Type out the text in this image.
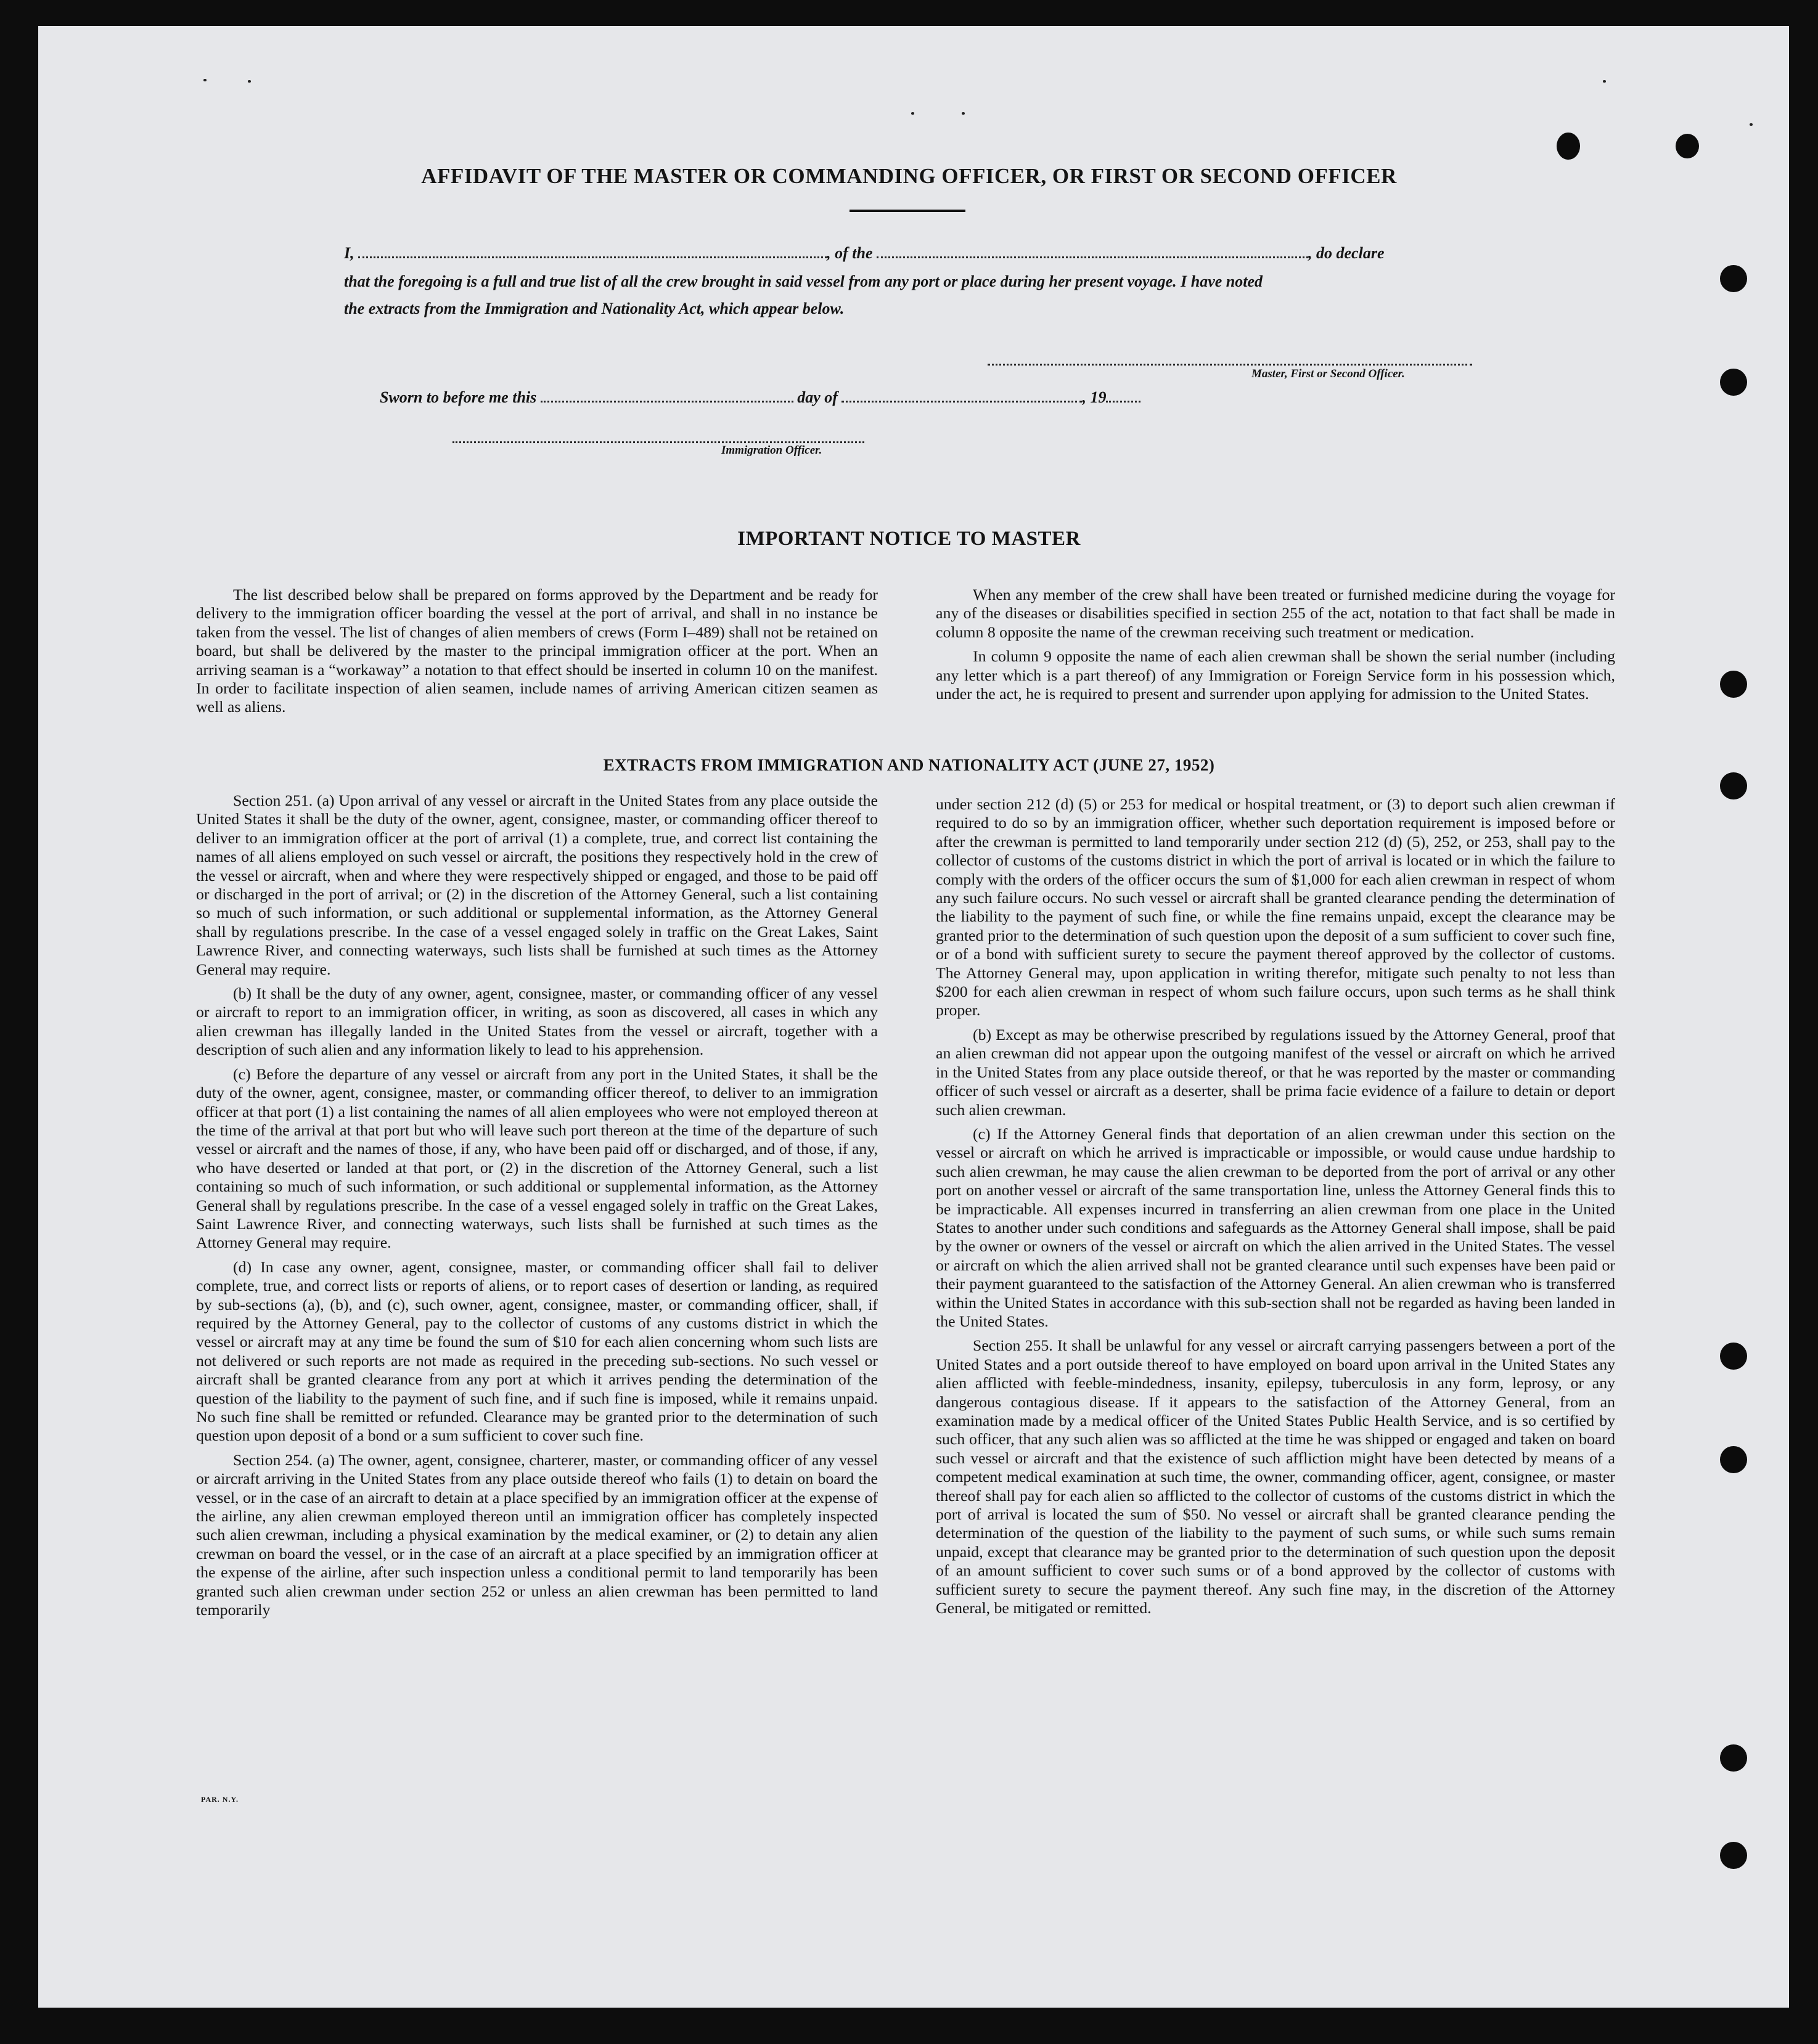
AFFIDAVIT OF THE MASTER OR COMMANDING OFFICER, OR FIRST OR SECOND OFFICER
I,	, of the	, do declare
that the foregoing is a full and true list of all the crew brought in said vessel from any port or place during her present voyage. I have noted
the extracts from the Immigration and Nationality Act, which appear below.
Master, First or Second Officer.
Sworn to before me this	day of	, 19
Immigration Officer.
IMPORTANT NOTICE TO MASTER

The list described below shall be prepared on forms approved by the Department and be ready for delivery to the immigration officer boarding the vessel at the port of arrival, and shall in no instance be taken from the vessel. The list of changes of alien members of crews (Form I–489) shall not be retained on board, but shall be delivered by the master to the principal immigration officer at the port. When an arriving seaman is a “workaway” a notation to that effect should be inserted in column 10 on the manifest. In order to facilitate inspection of alien seamen, include names of arriving American citizen seamen as well as aliens.

When any member of the crew shall have been treated or furnished medicine during the voyage for any of the diseases or disabilities specified in section 255 of the act, notation to that fact shall be made in column 8 opposite the name of the crewman receiving such treatment or medication.

In column 9 opposite the name of each alien crewman shall be shown the serial number (including any letter which is a part thereof) of any Immigration or Foreign Service form in his possession which, under the act, he is required to present and surrender upon applying for admission to the United States.

EXTRACTS FROM IMMIGRATION AND NATIONALITY ACT (JUNE 27, 1952)

Section 251. (a) Upon arrival of any vessel or aircraft in the United States from any place outside the United States it shall be the duty of the owner, agent, consignee, master, or commanding officer thereof to deliver to an immigration officer at the port of arrival (1) a complete, true, and correct list containing the names of all aliens employed on such vessel or aircraft, the positions they respectively hold in the crew of the vessel or aircraft, when and where they were respectively shipped or engaged, and those to be paid off or discharged in the port of arrival; or (2) in the discretion of the Attorney General, such a list containing so much of such information, or such additional or supplemental information, as the Attorney General shall by regulations prescribe. In the case of a vessel engaged solely in traffic on the Great Lakes, Saint Lawrence River, and connecting waterways, such lists shall be furnished at such times as the Attorney General may require.

(b) It shall be the duty of any owner, agent, consignee, master, or commanding officer of any vessel or aircraft to report to an immigration officer, in writing, as soon as discovered, all cases in which any alien crewman has illegally landed in the United States from the vessel or aircraft, together with a description of such alien and any information likely to lead to his apprehension.

(c) Before the departure of any vessel or aircraft from any port in the United States, it shall be the duty of the owner, agent, consignee, master, or commanding officer thereof, to deliver to an immigration officer at that port (1) a list containing the names of all alien employees who were not employed thereon at the time of the arrival at that port but who will leave such port thereon at the time of the departure of such vessel or aircraft and the names of those, if any, who have been paid off or discharged, and of those, if any, who have deserted or landed at that port, or (2) in the discretion of the Attorney General, such a list containing so much of such information, or such additional or supplemental information, as the Attorney General shall by regulations prescribe. In the case of a vessel engaged solely in traffic on the Great Lakes, Saint Lawrence River, and connecting waterways, such lists shall be furnished at such times as the Attorney General may require.

(d) In case any owner, agent, consignee, master, or commanding officer shall fail to deliver complete, true, and correct lists or reports of aliens, or to report cases of desertion or landing, as required by sub-sections (a), (b), and (c), such owner, agent, consignee, master, or commanding officer, shall, if required by the Attorney General, pay to the collector of customs of any customs district in which the vessel or aircraft may at any time be found the sum of $10 for each alien concerning whom such lists are not delivered or such reports are not made as required in the preceding sub-sections. No such vessel or aircraft shall be granted clearance from any port at which it arrives pending the determination of the question of the liability to the payment of such fine, and if such fine is imposed, while it remains unpaid. No such fine shall be remitted or refunded. Clearance may be granted prior to the determination of such question upon deposit of a bond or a sum sufficient to cover such fine.

Section 254. (a) The owner, agent, consignee, charterer, master, or commanding officer of any vessel or aircraft arriving in the United States from any place outside thereof who fails (1) to detain on board the vessel, or in the case of an aircraft to detain at a place specified by an immigration officer at the expense of the airline, any alien crewman employed thereon until an immigration officer has completely inspected such alien crewman, including a physical examination by the medical examiner, or (2) to detain any alien crewman on board the vessel, or in the case of an aircraft at a place specified by an immigration officer at the expense of the airline, after such inspection unless a conditional permit to land temporarily has been granted such alien crewman under section 252 or unless an alien crewman has been permitted to land temporarily

under section 212 (d) (5) or 253 for medical or hospital treatment, or (3) to deport such alien crewman if required to do so by an immigration officer, whether such deportation requirement is imposed before or after the crewman is permitted to land temporarily under section 212 (d) (5), 252, or 253, shall pay to the collector of customs of the customs district in which the port of arrival is located or in which the failure to comply with the orders of the officer occurs the sum of $1,000 for each alien crewman in respect of whom any such failure occurs. No such vessel or aircraft shall be granted clearance pending the determination of the liability to the payment of such fine, or while the fine remains unpaid, except the clearance may be granted prior to the determination of such question upon the deposit of a sum sufficient to cover such fine, or of a bond with sufficient surety to secure the payment thereof approved by the collector of customs. The Attorney General may, upon application in writing therefor, mitigate such penalty to not less than $200 for each alien crewman in respect of whom such failure occurs, upon such terms as he shall think proper.

(b) Except as may be otherwise prescribed by regulations issued by the Attorney General, proof that an alien crewman did not appear upon the outgoing manifest of the vessel or aircraft on which he arrived in the United States from any place outside thereof, or that he was reported by the master or commanding officer of such vessel or aircraft as a deserter, shall be prima facie evidence of a failure to detain or deport such alien crewman.

(c) If the Attorney General finds that deportation of an alien crewman under this section on the vessel or aircraft on which he arrived is impracticable or impossible, or would cause undue hardship to such alien crewman, he may cause the alien crewman to be deported from the port of arrival or any other port on another vessel or aircraft of the same transportation line, unless the Attorney General finds this to be impracticable. All expenses incurred in transferring an alien crewman from one place in the United States to another under such conditions and safeguards as the Attorney General shall impose, shall be paid by the owner or owners of the vessel or aircraft on which the alien arrived in the United States. The vessel or aircraft on which the alien arrived shall not be granted clearance until such expenses have been paid or their payment guaranteed to the satisfaction of the Attorney General. An alien crewman who is transferred within the United States in accordance with this sub-section shall not be regarded as having been landed in the United States.

Section 255. It shall be unlawful for any vessel or aircraft carrying passengers between a port of the United States and a port outside thereof to have employed on board upon arrival in the United States any alien afflicted with feeble-mindedness, insanity, epilepsy, tuberculosis in any form, leprosy, or any dangerous contagious disease. If it appears to the satisfaction of the Attorney General, from an examination made by a medical officer of the United States Public Health Service, and is so certified by such officer, that any such alien was so afflicted at the time he was shipped or engaged and taken on board such vessel or aircraft and that the existence of such affliction might have been detected by means of a competent medical examination at such time, the owner, commanding officer, agent, consignee, or master thereof shall pay for each alien so afflicted to the collector of customs of the customs district in which the port of arrival is located the sum of $50. No vessel or aircraft shall be granted clearance pending the determination of the question of the liability to the payment of such sums, or while such sums remain unpaid, except that clearance may be granted prior to the determination of such question upon the deposit of an amount sufficient to cover such sums or of a bond approved by the collector of customs with sufficient surety to secure the payment thereof. Any such fine may, in the discretion of the Attorney General, be mitigated or remitted.

PAR. N.Y.
